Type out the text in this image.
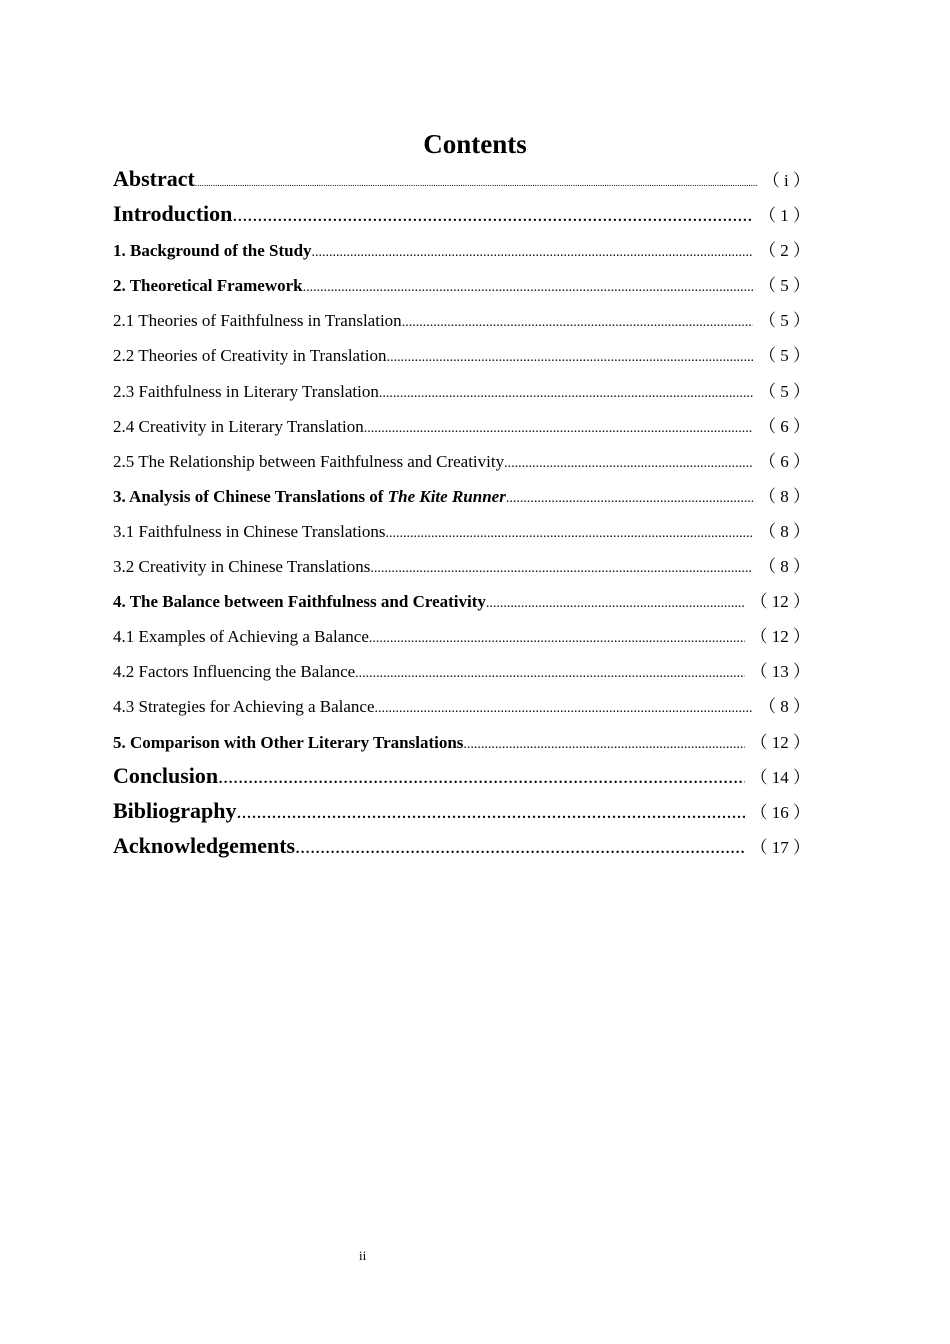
Contents
Abstract .....	（ i ）
Introduction .....	（ 1 ）
1. Background of the Study .....	（ 2 ）
2. Theoretical Framework .....	（ 5 ）
2.1 Theories of Faithfulness in Translation .....	（ 5 ）
2.2 Theories of Creativity in Translation .....	（ 5 ）
2.3 Faithfulness in Literary Translation .....	（ 5 ）
2.4 Creativity in Literary Translation .....	（ 6 ）
2.5 The Relationship between Faithfulness and Creativity .....	（ 6 ）
3. Analysis of Chinese Translations of The Kite Runner .....	（ 8 ）
3.1 Faithfulness in Chinese Translations .....	（ 8 ）
3.2 Creativity in Chinese Translations .....	（ 8 ）
4. The Balance between Faithfulness and Creativity .....	（ 12 ）
4.1 Examples of Achieving a Balance .....	（ 12 ）
4.2 Factors Influencing the Balance .....	（ 13 ）
4.3 Strategies for Achieving a Balance .....	（ 8 ）
5. Comparison with Other Literary Translations .....	（ 12 ）
Conclusion .....	（ 14 ）
Bibliography .....	（ 16 ）
Acknowledgements .....	（ 17 ）
ii
